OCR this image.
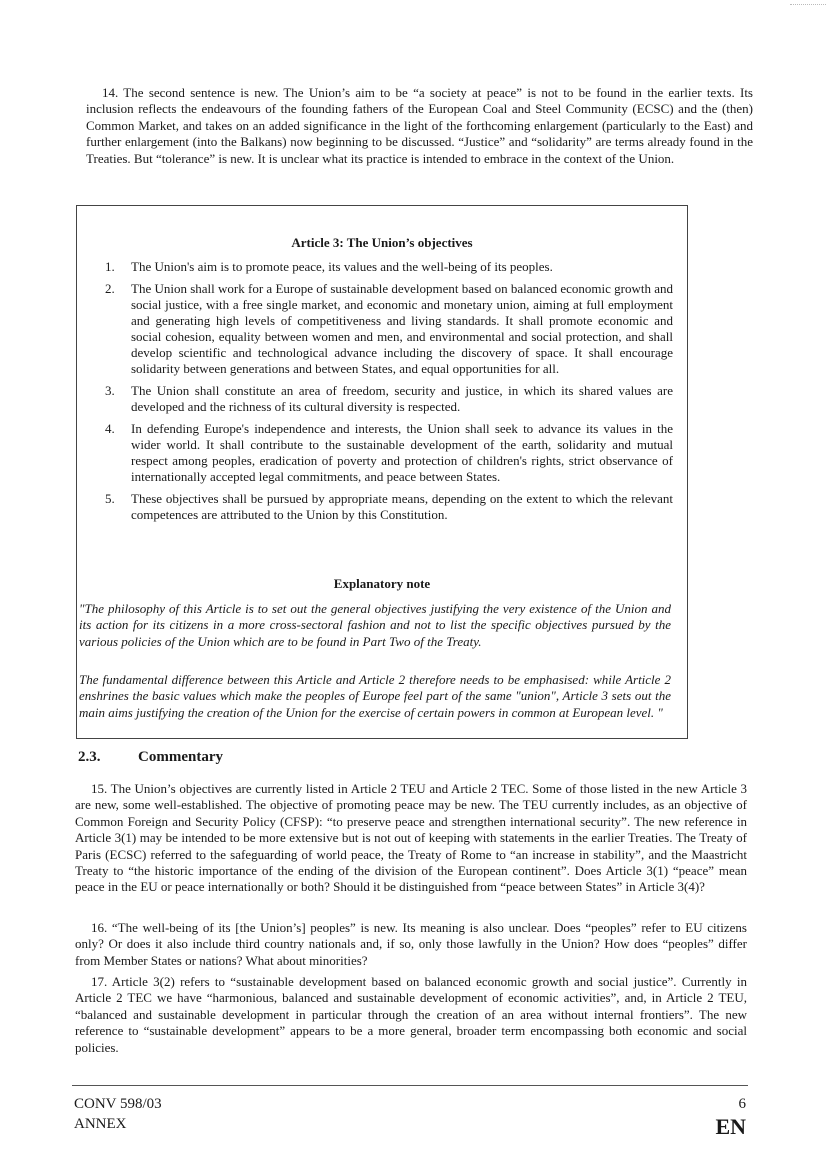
14. The second sentence is new. The Union’s aim to be “a society at peace” is not to be found in the earlier texts. Its inclusion reflects the endeavours of the founding fathers of the European Coal and Steel Community (ECSC) and the (then) Common Market, and takes on an added significance in the light of the forthcoming enlargement (particularly to the East) and further enlargement (into the Balkans) now beginning to be discussed. “Justice” and “solidarity” are terms already found in the Treaties. But “tolerance” is new. It is unclear what its practice is intended to embrace in the context of the Union.

Article 3: The Union’s objectives

1.	The Union's aim is to promote peace, its values and the well-being of its peoples.
2.	The Union shall work for a Europe of sustainable development based on balanced economic growth and social justice, with a free single market, and economic and monetary union, aiming at full employment and generating high levels of competitiveness and living standards. It shall promote economic and social cohesion, equality between women and men, and environmental and social protection, and shall develop scientific and technological advance including the discovery of space. It shall encourage solidarity between generations and between States, and equal opportunities for all.
3.	The Union shall constitute an area of freedom, security and justice, in which its shared values are developed and the richness of its cultural diversity is respected.
4.	In defending Europe's independence and interests, the Union shall seek to advance its values in the wider world. It shall contribute to the sustainable development of the earth, solidarity and mutual respect among peoples, eradication of poverty and protection of children's rights, strict observance of internationally accepted legal commitments, and peace between States.
5.	These objectives shall be pursued by appropriate means, depending on the extent to which the relevant competences are attributed to the Union by this Constitution.

Explanatory note

"The philosophy of this Article is to set out the general objectives justifying the very existence of the Union and its action for its citizens in a more cross-sectoral fashion and not to list the specific objectives pursued by the various policies of the Union which are to be found in Part Two of the Treaty.

The fundamental difference between this Article and Article 2 therefore needs to be emphasised: while Article 2 enshrines the basic values which make the peoples of Europe feel part of the same "union", Article 3 sets out the main aims justifying the creation of the Union for the exercise of certain powers in common at European level. "

2.3.	Commentary

15. The Union’s objectives are currently listed in Article 2 TEU and Article 2 TEC. Some of those listed in the new Article 3 are new, some well-established. The objective of promoting peace may be new. The TEU currently includes, as an objective of Common Foreign and Security Policy (CFSP): “to preserve peace and strengthen international security”. The new reference in Article 3(1) may be intended to be more extensive but is not out of keeping with statements in the earlier Treaties. The Treaty of Paris (ECSC) referred to the safeguarding of world peace, the Treaty of Rome to “an increase in stability”, and the Maastricht Treaty to “the historic importance of the ending of the division of the European continent”. Does Article 3(1) “peace” mean peace in the EU or peace internationally or both? Should it be distinguished from “peace between States” in Article 3(4)?

16. “The well-being of its [the Union’s] peoples” is new. Its meaning is also unclear. Does “peoples” refer to EU citizens only? Or does it also include third country nationals and, if so, only those lawfully in the Union? How does “peoples” differ from Member States or nations? What about minorities?

17. Article 3(2) refers to “sustainable development based on balanced economic growth and social justice”. Currently in Article 2 TEC we have “harmonious, balanced and sustainable development of economic activities”, and, in Article 2 TEU, “balanced and sustainable development in particular through the creation of an area without internal frontiers”. The new reference to “sustainable development” appears to be a more general, broader term encompassing both economic and social policies.

CONV 598/03
ANNEX
6
EN
